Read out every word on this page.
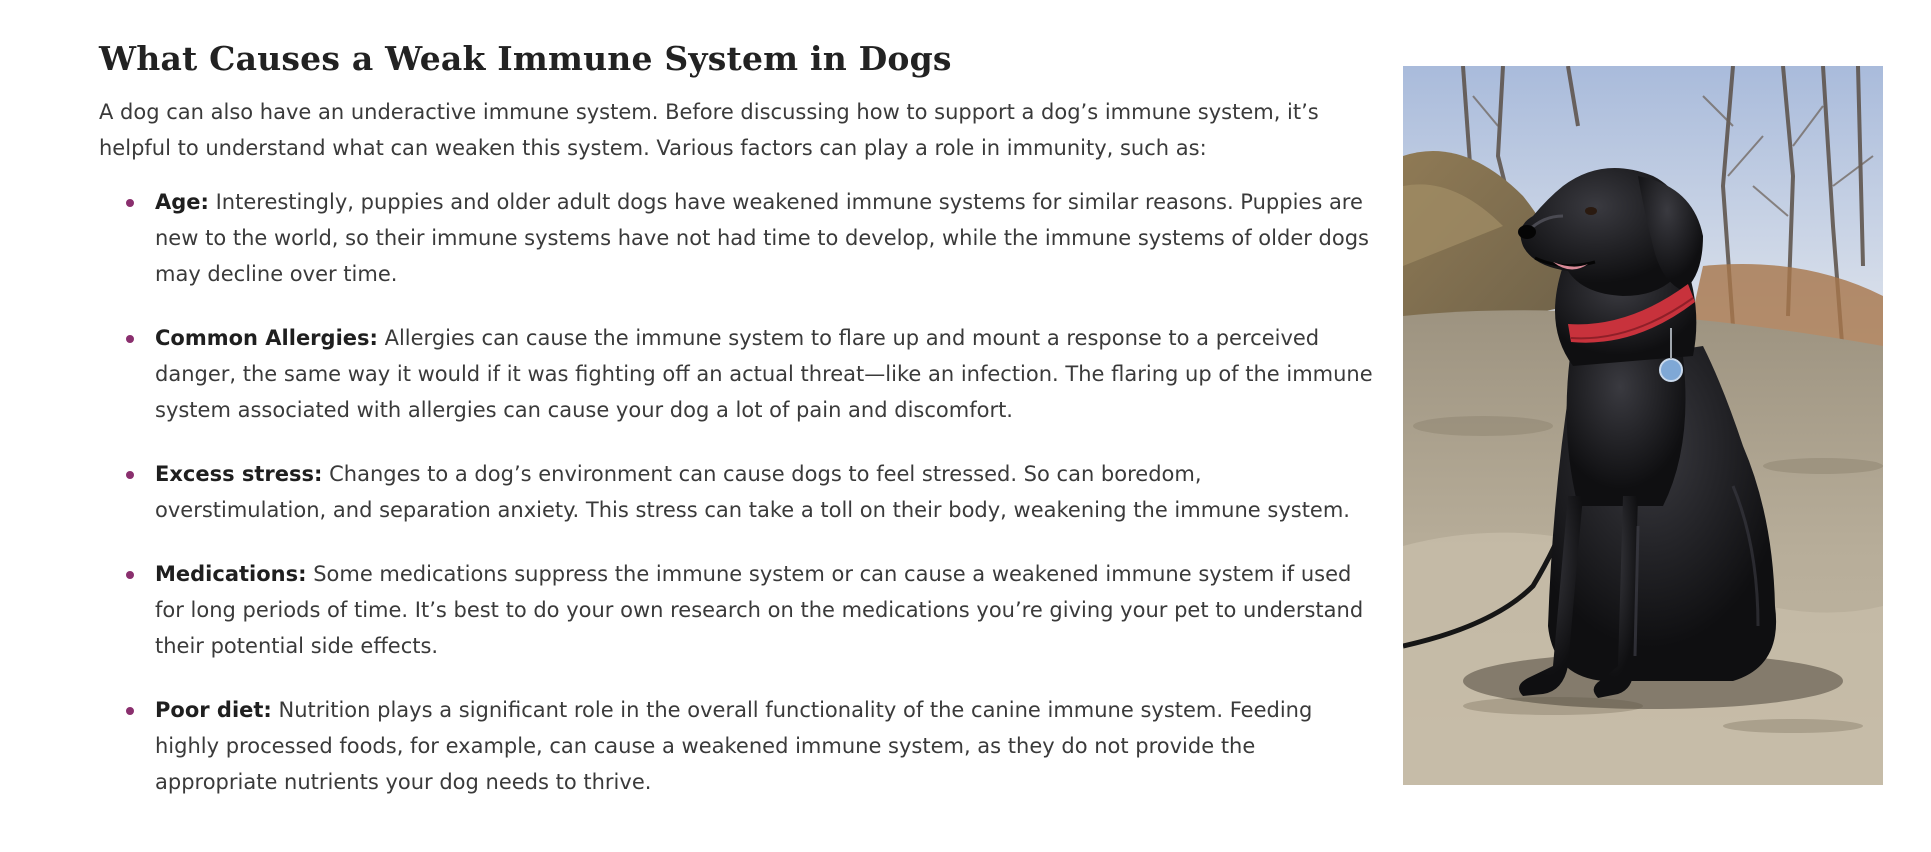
What Causes a Weak Immune System in Dogs

A dog can also have an underactive immune system. Before discussing how to support a dog’s immune system, it’s helpful to understand what can weaken this system. Various factors can play a role in immunity, such as:

Age: Interestingly, puppies and older adult dogs have weakened immune systems for similar reasons. Puppies are new to the world, so their immune systems have not had time to develop, while the immune systems of older dogs may decline over time.
Common Allergies: Allergies can cause the immune system to flare up and mount a response to a perceived danger, the same way it would if it was fighting off an actual threat—like an infection. The flaring up of the immune system associated with allergies can cause your dog a lot of pain and discomfort.
Excess stress: Changes to a dog’s environment can cause dogs to feel stressed. So can boredom, overstimulation, and separation anxiety. This stress can take a toll on their body, weakening the immune system.
Medications: Some medications suppress the immune system or can cause a weakened immune system if used for long periods of time. It’s best to do your own research on the medications you’re giving your pet to understand their potential side effects.
Poor diet: Nutrition plays a significant role in the overall functionality of the canine immune system. Feeding highly processed foods, for example, can cause a weakened immune system, as they do not provide the appropriate nutrients your dog needs to thrive.
